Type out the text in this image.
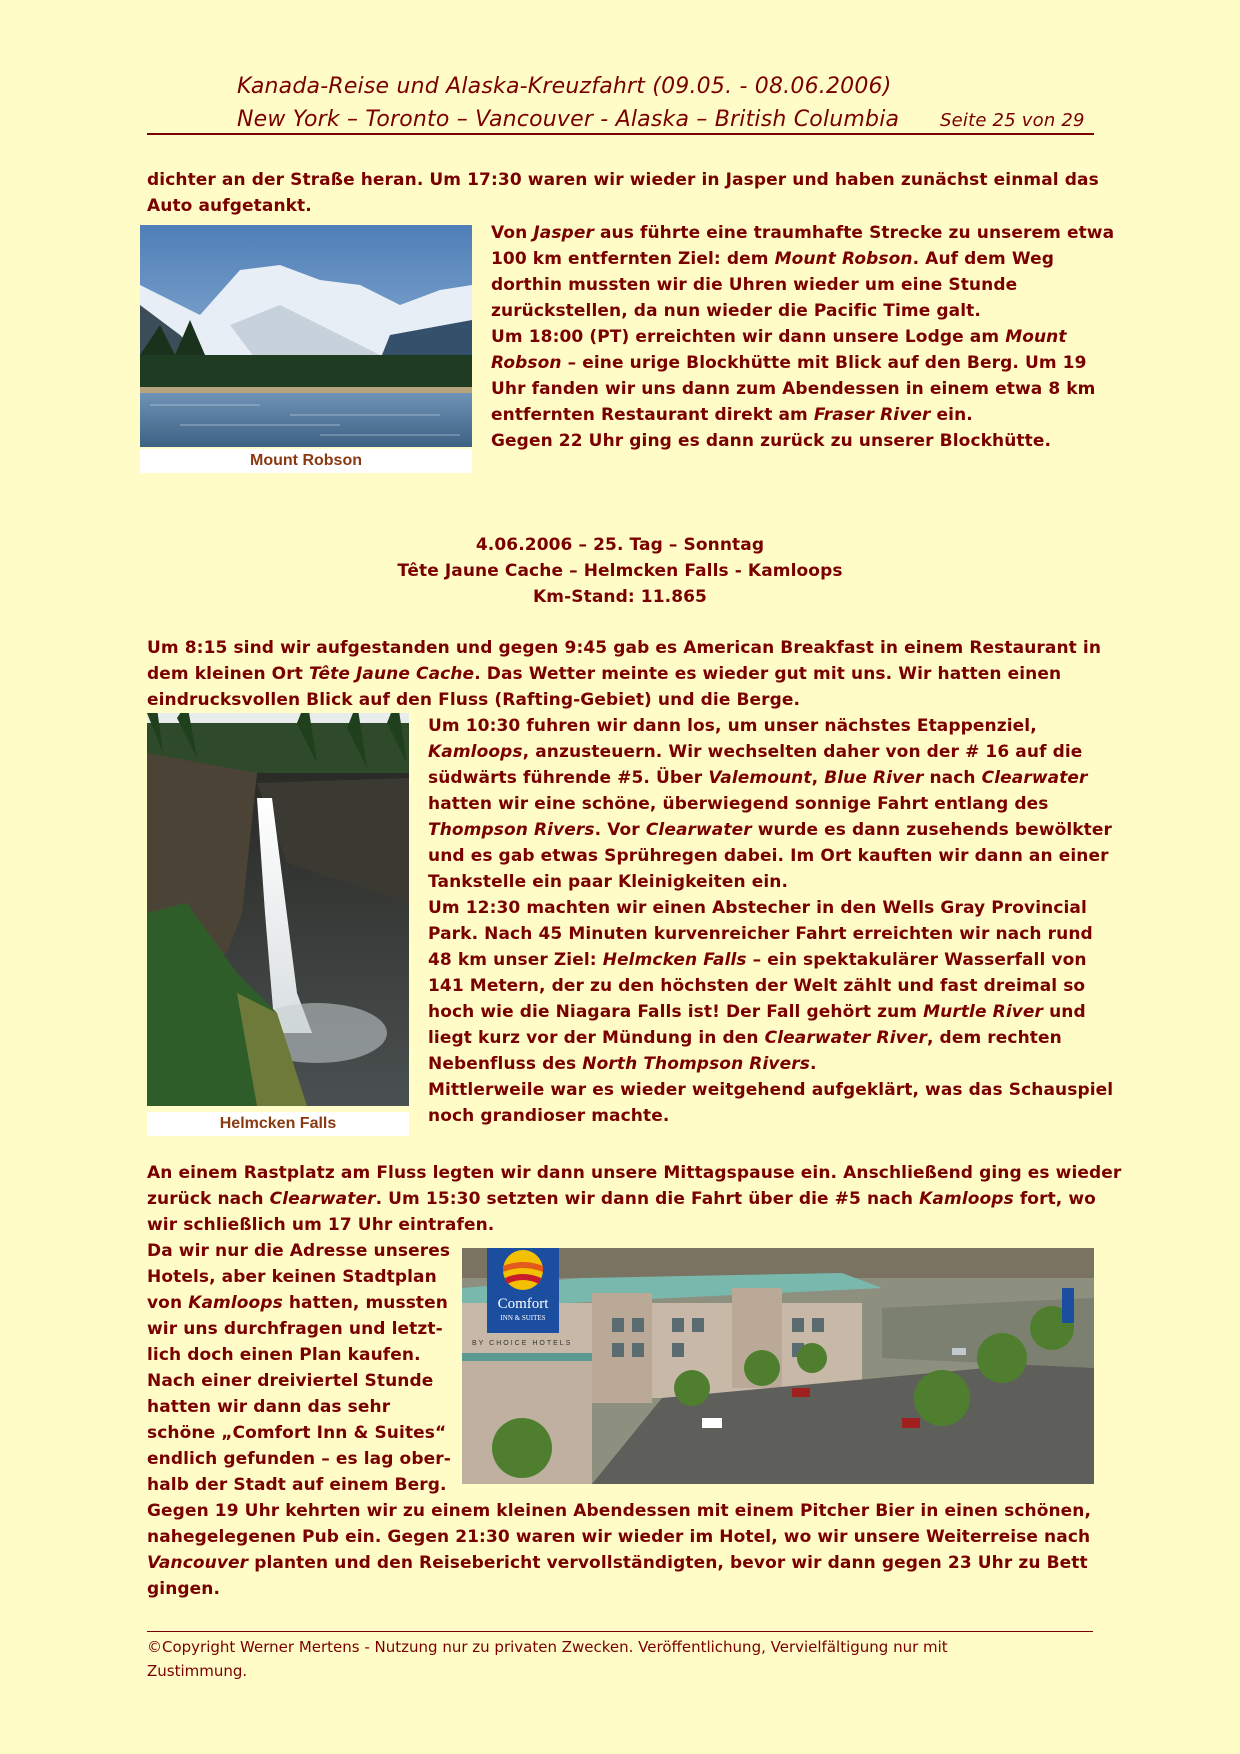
Kanada-Reise und Alaska-Kreuzfahrt (09.05. - 08.06.2006)
New York – Toronto – Vancouver - Alaska – British Columbia Seite 25 von 29
dichter an der Straße heran. Um 17:30 waren wir wieder in Jasper und haben zunächst einmal das
Auto aufgetankt.
Mount Robson
Von Jasper aus führte eine traumhafte Strecke zu unserem etwa
100 km entfernten Ziel: dem Mount Robson. Auf dem Weg
dorthin mussten wir die Uhren wieder um eine Stunde
zurückstellen, da nun wieder die Pacific Time galt.
Um 18:00 (PT) erreichten wir dann unsere Lodge am Mount
Robson – eine urige Blockhütte mit Blick auf den Berg. Um 19
Uhr fanden wir uns dann zum Abendessen in einem etwa 8 km
entfernten Restaurant direkt am Fraser River ein.
Gegen 22 Uhr ging es dann zurück zu unserer Blockhütte.
4.06.2006 – 25. Tag – Sonntag
Tête Jaune Cache – Helmcken Falls - Kamloops
Km-Stand: 11.865
Um 8:15 sind wir aufgestanden und gegen 9:45 gab es American Breakfast in einem Restaurant in
dem kleinen Ort Tête Jaune Cache. Das Wetter meinte es wieder gut mit uns. Wir hatten einen
eindrucksvollen Blick auf den Fluss (Rafting-Gebiet) und die Berge.
Helmcken Falls
Um 10:30 fuhren wir dann los, um unser nächstes Etappenziel,
Kamloops, anzusteuern. Wir wechselten daher von der # 16 auf die
südwärts führende #5. Über Valemount, Blue River nach Clearwater
hatten wir eine schöne, überwiegend sonnige Fahrt entlang des
Thompson Rivers. Vor Clearwater wurde es dann zusehends bewölkter
und es gab etwas Sprühregen dabei. Im Ort kauften wir dann an einer
Tankstelle ein paar Kleinigkeiten ein.
Um 12:30 machten wir einen Abstecher in den Wells Gray Provincial
Park. Nach 45 Minuten kurvenreicher Fahrt erreichten wir nach rund
48 km unser Ziel: Helmcken Falls – ein spektakulärer Wasserfall von
141 Metern, der zu den höchsten der Welt zählt und fast dreimal so
hoch wie die Niagara Falls ist! Der Fall gehört zum Murtle River und
liegt kurz vor der Mündung in den Clearwater River, dem rechten
Nebenfluss des North Thompson Rivers.
Mittlerweile war es wieder weitgehend aufgeklärt, was das Schauspiel
noch grandioser machte.
An einem Rastplatz am Fluss legten wir dann unsere Mittagspause ein. Anschließend ging es wieder
zurück nach Clearwater. Um 15:30 setzten wir dann die Fahrt über die #5 nach Kamloops fort, wo
wir schließlich um 17 Uhr eintrafen.
Da wir nur die Adresse unseres
Hotels, aber keinen Stadtplan
von Kamloops hatten, mussten
wir uns durchfragen und letzt-
lich doch einen Plan kaufen.
Nach einer dreiviertel Stunde
hatten wir dann das sehr
schöne „Comfort Inn & Suites“
endlich gefunden – es lag ober-
halb der Stadt auf einem Berg.
Comfort
INN & SUITES
BY CHOICE HOTELS
Gegen 19 Uhr kehrten wir zu einem kleinen Abendessen mit einem Pitcher Bier in einen schönen,
nahegelegenen Pub ein. Gegen 21:30 waren wir wieder im Hotel, wo wir unsere Weiterreise nach
Vancouver planten und den Reisebericht vervollständigten, bevor wir dann gegen 23 Uhr zu Bett
gingen.
©Copyright Werner Mertens - Nutzung nur zu privaten Zwecken. Veröffentlichung, Vervielfältigung nur mit
Zustimmung.
